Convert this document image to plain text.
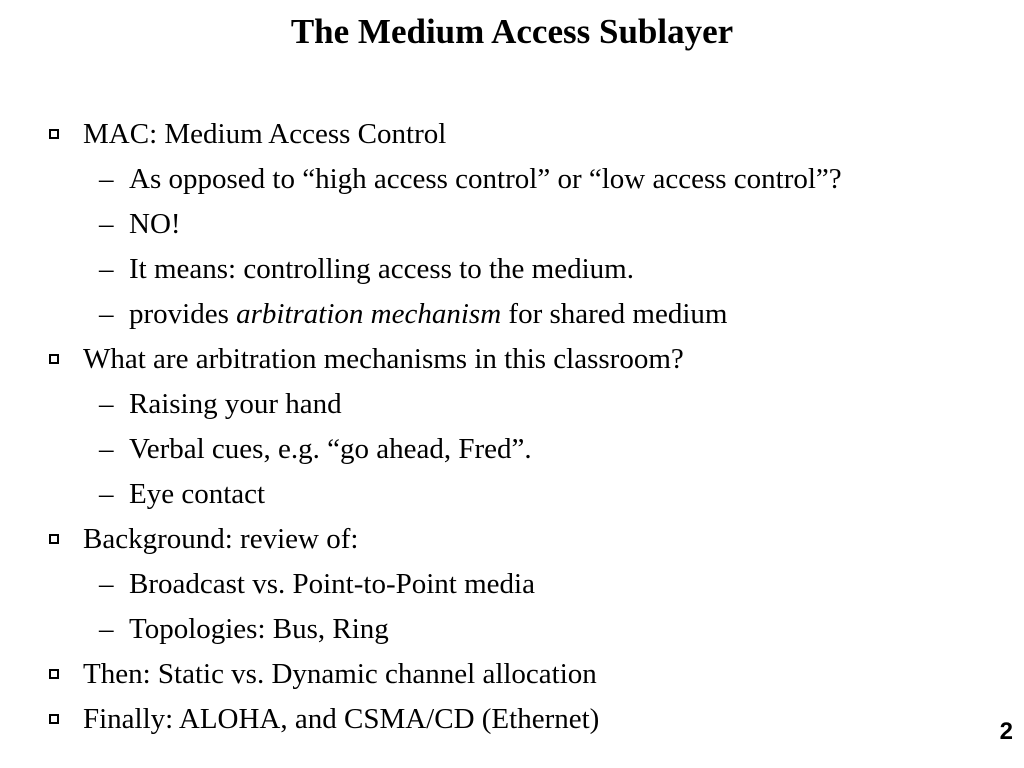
The Medium Access Sublayer
MAC: Medium Access Control
– As opposed to “high access control” or “low access control”?
– NO!
– It means: controlling access to the medium.
– provides arbitration mechanism for shared medium
What are arbitration mechanisms in this classroom?
– Raising your hand
– Verbal cues, e.g. “go ahead, Fred”.
– Eye contact
Background: review of:
– Broadcast vs. Point-to-Point media
– Topologies: Bus, Ring
Then: Static vs. Dynamic channel allocation
Finally: ALOHA, and CSMA/CD (Ethernet)	2
